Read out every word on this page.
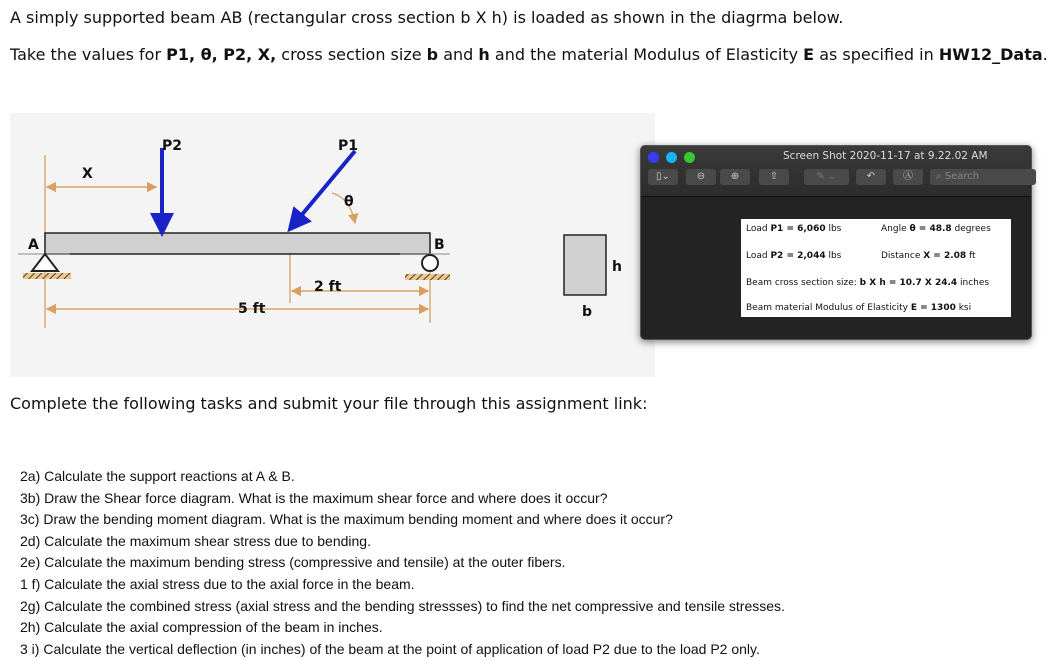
A simply supported beam AB (rectangular cross section b X h) is loaded as shown in the diagrma below.
Take the values for P1, θ, P2, X, cross section size b and h and the material Modulus of Elasticity E as specified in HW12_Data.
P2	P1
X
θ
A	B
2 ft
5 ft
h
b
Screen Shot 2020-11-17 at 9.22.02 AM
▯⌄	⊖	⊕	⇧	✎ ⌄	↶	Ⓐ	⌕ Search
Load P1 = 6,060 lbs	Angle θ = 48.8 degrees
Load P2 = 2,044 lbs	Distance X = 2.08 ft
Beam cross section size: b X h = 10.7 X 24.4 inches
Beam material Modulus of Elasticity E = 1300 ksi
Complete the following tasks and submit your file through this assignment link:
2a) Calculate the support reactions at A & B.
3b) Draw the Shear force diagram. What is the maximum shear force and where does it occur?
3c) Draw the bending moment diagram. What is the maximum bending moment and where does it occur?
2d) Calculate the maximum shear stress due to bending.
2e) Calculate the maximum bending stress (compressive and tensile) at the outer fibers.
1 f) Calculate the axial stress due to the axial force in the beam.
2g) Calculate the combined stress (axial stress and the bending stressses) to find the net compressive and tensile stresses.
2h) Calculate the axial compression of the beam in inches.
3 i) Calculate the vertical deflection (in inches) of the beam at the point of application of load P2 due to the load P2 only.
